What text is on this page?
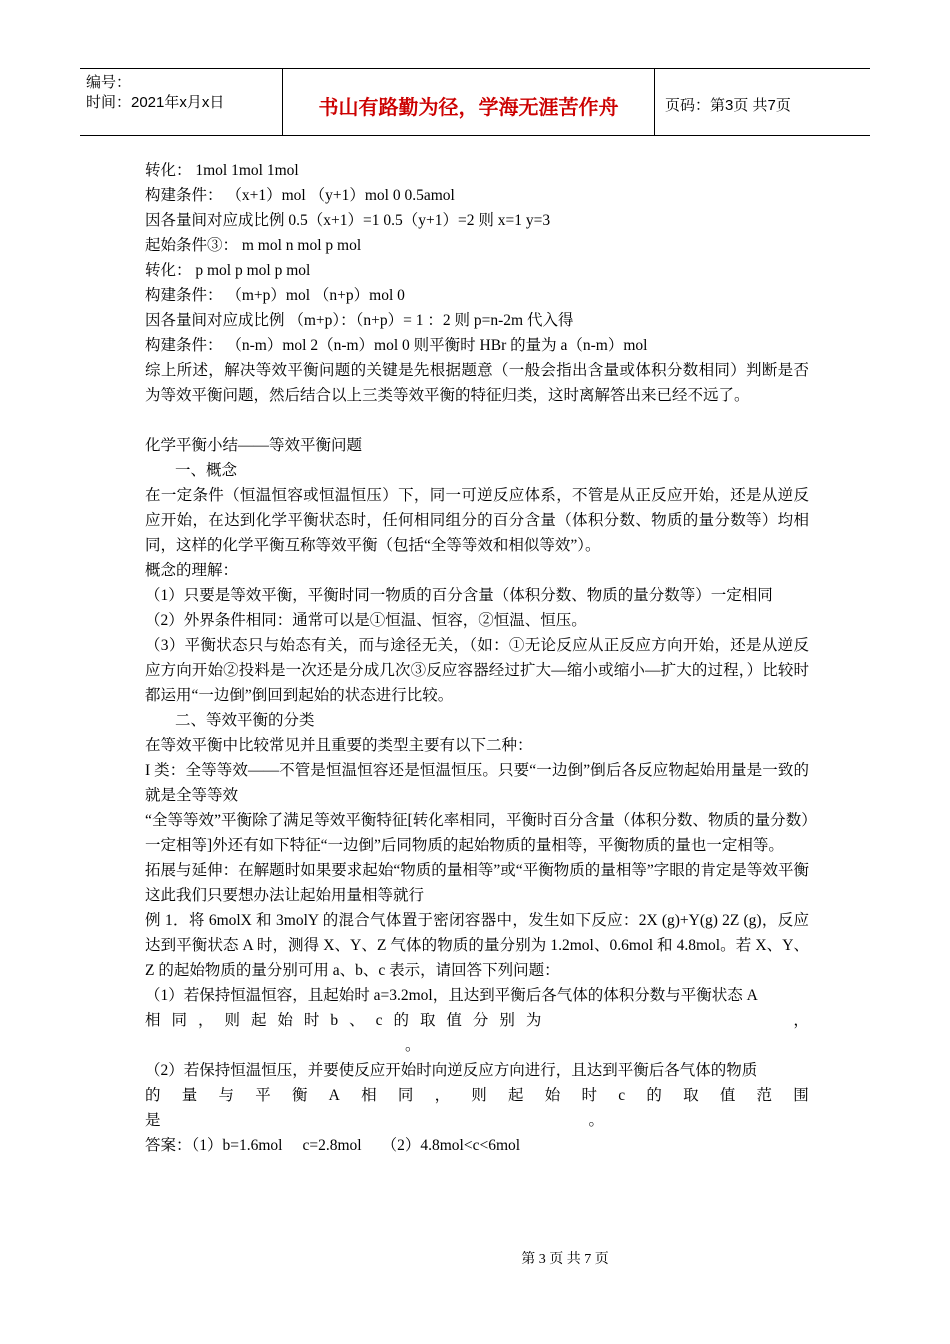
编号：
时间：2021年x月x日	书山有路勤为径，学海无涯苦作舟	页码：第3页 共7页
转化： 1mol 1mol 1mol
构建条件： （x+1）mol （y+1）mol 0 0.5amol
因各量间对应成比例 0.5（x+1）=1 0.5（y+1）=2 则 x=1 y=3
起始条件③： m mol n mol p mol
转化： p mol p mol p mol
构建条件： （m+p）mol （n+p）mol 0
因各量间对应成比例 （m+p）：（n+p）= 1 ：2 则 p=n-2m 代入得
构建条件： （n-m）mol 2（n-m）mol 0 则平衡时 HBr 的量为 a（n-m）mol
综上所述，解决等效平衡问题的关键是先根据题意（一般会指出含量或体积分数相同）判断是否为等效平衡问题，然后结合以上三类等效平衡的特征归类，这时离解答出来已经不远了。
化学平衡小结——等效平衡问题
一、概念
在一定条件（恒温恒容或恒温恒压）下，同一可逆反应体系，不管是从正反应开始，还是从逆反应开始，在达到化学平衡状态时，任何相同组分的百分含量（体积分数、物质的量分数等）均相同，这样的化学平衡互称等效平衡（包括“全等等效和相似等效”）。
概念的理解：
（1）只要是等效平衡，平衡时同一物质的百分含量（体积分数、物质的量分数等）一定相同
（2）外界条件相同：通常可以是①恒温、恒容，②恒温、恒压。
（3）平衡状态只与始态有关，而与途径无关，（如：①无论反应从正反应方向开始，还是从逆反应方向开始②投料是一次还是分成几次③反应容器经过扩大—缩小或缩小—扩大的过程，）比较时都运用“一边倒”倒回到起始的状态进行比较。
二、等效平衡的分类
在等效平衡中比较常见并且重要的类型主要有以下二种：
I 类：全等等效——不管是恒温恒容还是恒温恒压。只要“一边倒”倒后各反应物起始用量是一致的就是全等等效
“全等等效”平衡除了满足等效平衡特征[转化率相同，平衡时百分含量（体积分数、物质的量分数）一定相等]外还有如下特征“一边倒”后同物质的起始物质的量相等，平衡物质的量也一定相等。
拓展与延伸：在解题时如果要求起始“物质的量相等”或“平衡物质的量相等”字眼的肯定是等效平衡这此我们只要想办法让起始用量相等就行
例 1．将 6molX 和 3molY 的混合气体置于密闭容器中，发生如下反应：2X (g)+Y(g) 2Z (g)，反应达到平衡状态 A 时，测得 X、Y、Z 气体的物质的量分别为 1.2mol、0.6mol 和 4.8mol。若 X、Y、Z 的起始物质的量分别可用 a、b、c 表示，请回答下列问题：
（1）若保持恒温恒容，且起始时 a=3.2mol，且达到平衡后各气体的体积分数与平衡状态 A
相 同 ， 则 起 始 时 b 、 c 的 取 值 分 别 为	，
。
（2）若保持恒温恒压，并要使反应开始时向逆反应方向进行，且达到平衡后各气体的物质
的 量 与 平 衡 A 相 同 ， 则 起 始 时 c 的 取 值 范 围
是	。
答案：（1）b=1.6mol c=2.8mol （2）4.8mol<c<6mol
第 3 页 共 7 页
